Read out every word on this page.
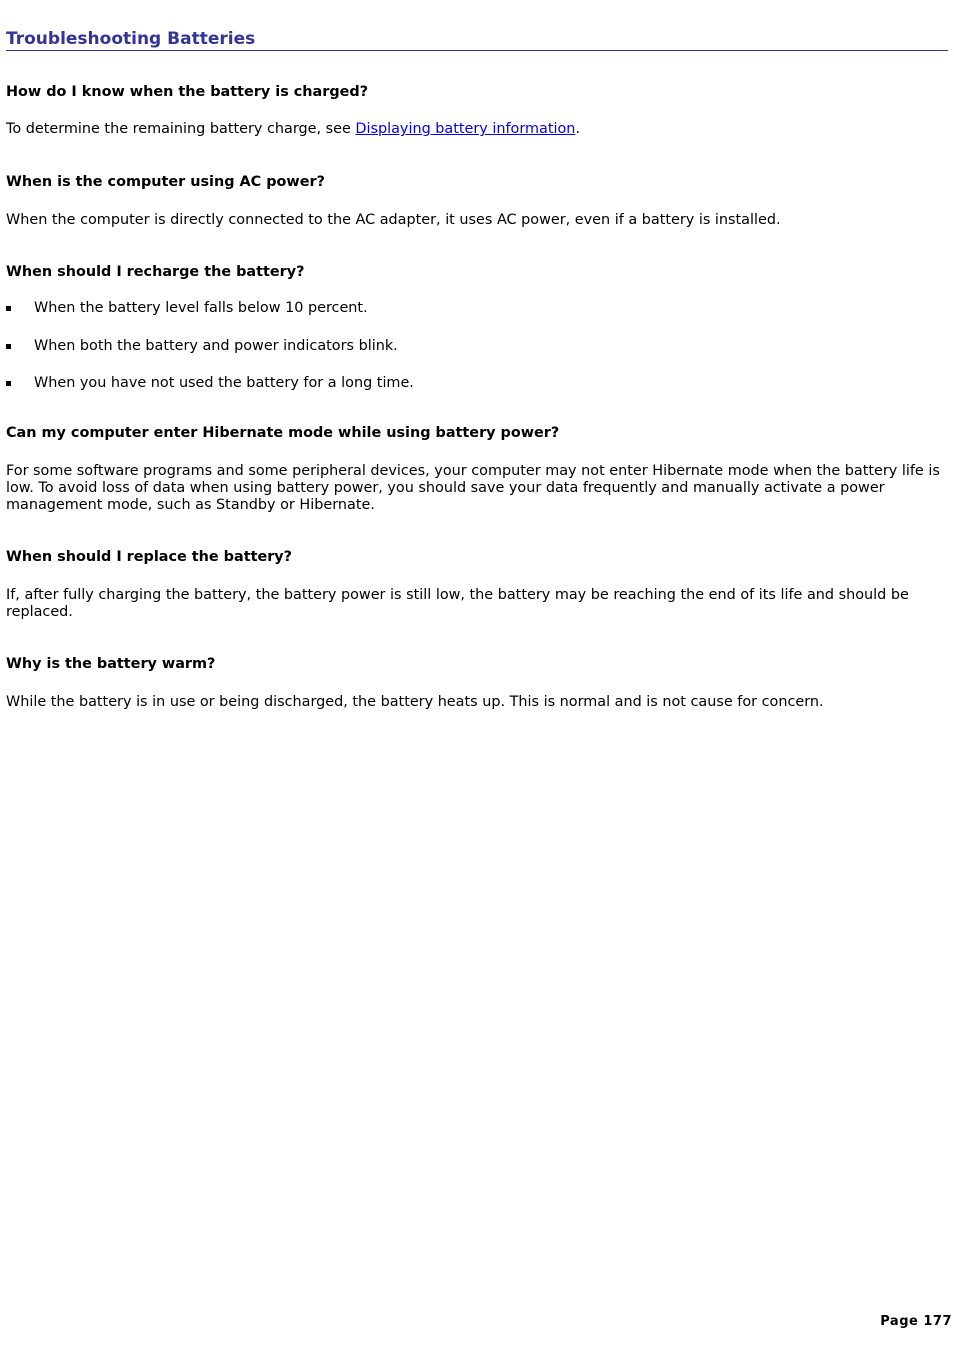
Troubleshooting Batteries
How do I know when the battery is charged?

To determine the remaining battery charge, see Displaying battery information.

When is the computer using AC power?

When the computer is directly connected to the AC adapter, it uses AC power, even if a battery is installed.

When should I recharge the battery?
When the battery level falls below 10 percent.
When both the battery and power indicators blink.
When you have not used the battery for a long time.
Can my computer enter Hibernate mode while using battery power?

For some software programs and some peripheral devices, your computer may not enter Hibernate mode when the battery life is low. To avoid loss of data when using battery power, you should save your data frequently and manually activate a power management mode, such as Standby or Hibernate.

When should I replace the battery?

If, after fully charging the battery, the battery power is still low, the battery may be reaching the end of its life and should be replaced.

Why is the battery warm?

While the battery is in use or being discharged, the battery heats up. This is normal and is not cause for concern.

Page 177
